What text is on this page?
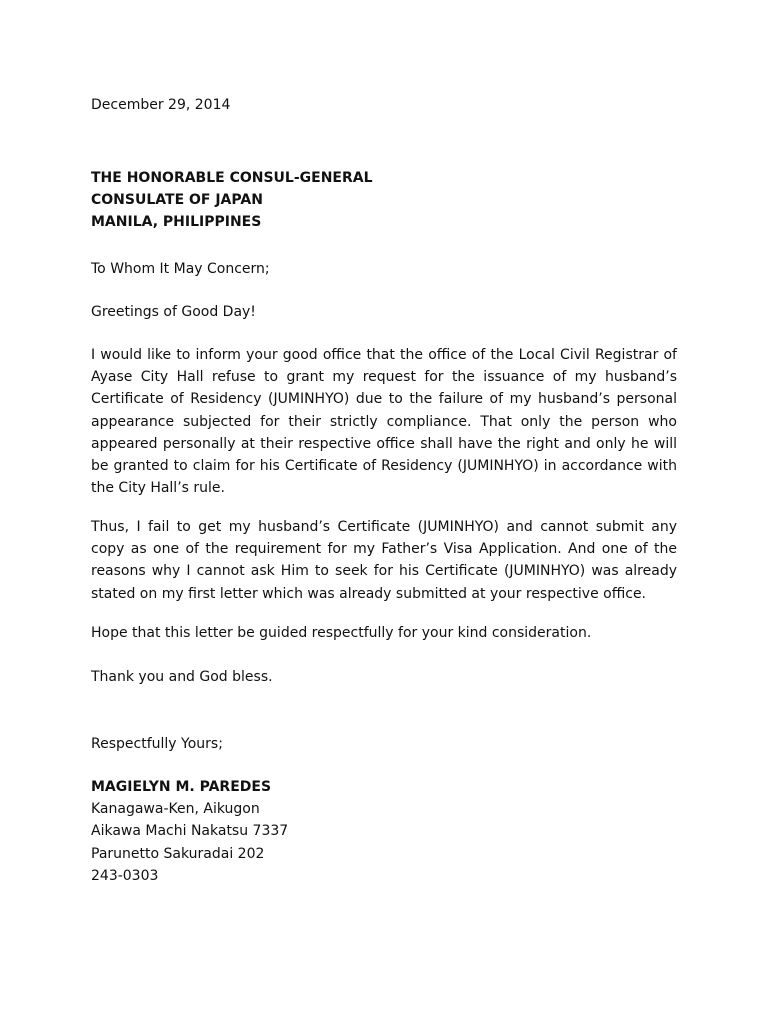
December 29, 2014
THE HONORABLE CONSUL-GENERAL
CONSULATE OF JAPAN
MANILA, PHILIPPINES
To Whom It May Concern;
Greetings of Good Day!
I would like to inform your good office that the office of the Local Civil Registrar of Ayase City Hall refuse to grant my request for the issuance of my husband’s Certificate of Residency (JUMINHYO) due to the failure of my husband’s personal appearance subjected for their strictly compliance. That only the person who appeared personally at their respective office shall have the right and only he will be granted to claim for his Certificate of Residency (JUMINHYO) in accordance with the City Hall’s rule.
Thus, I fail to get my husband’s Certificate (JUMINHYO) and cannot submit any copy as one of the requirement for my Father’s Visa Application. And one of the reasons why I cannot ask Him to seek for his Certificate (JUMINHYO) was already stated on my first letter which was already submitted at your respective office.
Hope that this letter be guided respectfully for your kind consideration.
Thank you and God bless.
Respectfully Yours;
MAGIELYN M. PAREDES
Kanagawa-Ken, Aikugon
Aikawa Machi Nakatsu 7337
Parunetto Sakuradai 202
243-0303
